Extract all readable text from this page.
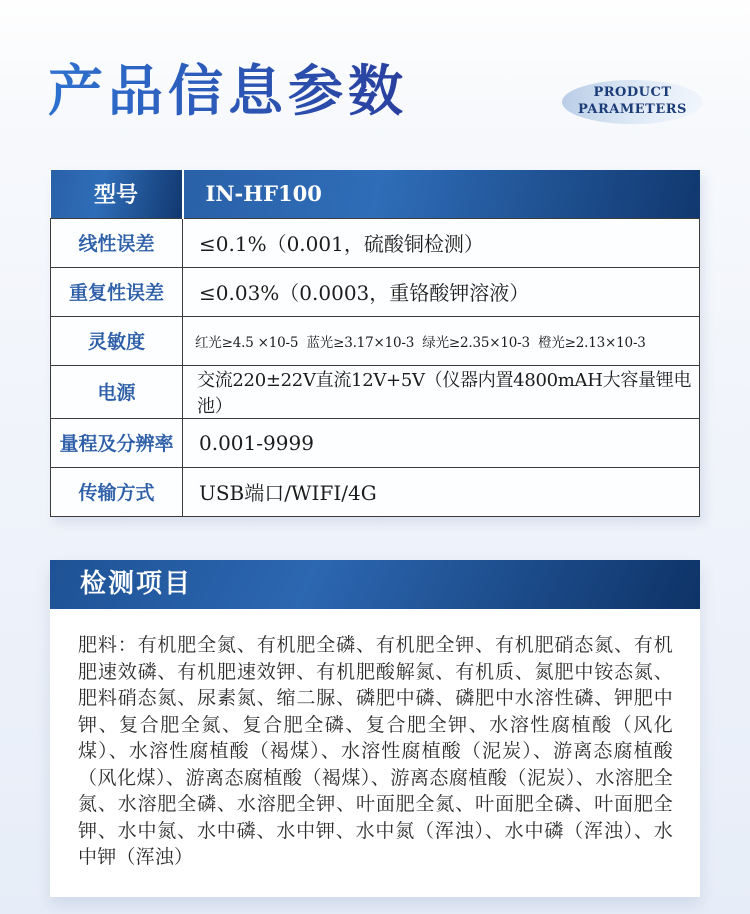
产品信息参数	PRODUCT
PARAMETERS
型号	IN-HF100
线性误差	≤0.1%（0.001，硫酸铜检测）
重复性误差	≤0.03%（0.0003，重铬酸钾溶液）
灵敏度	红光≥4.5 ×10-5  蓝光≥3.17×10-3  绿光≥2.35×10-3  橙光≥2.13×10-3
电源	交流220±22V直流12V+5V（仪器内置4800mAH大容量锂电池）
量程及分辨率	0.001-9999
传输方式	USB端口/WIFI/4G
检测项目

肥料：有机肥全氮、有机肥全磷、有机肥全钾、有机肥硝态氮、有机肥速效磷、有机肥速效钾、有机肥酸解氮、有机质、氮肥中铵态氮、肥料硝态氮、尿素氮、缩二脲、磷肥中磷、磷肥中水溶性磷、钾肥中钾、复合肥全氮、复合肥全磷、复合肥全钾、水溶性腐植酸（风化煤）、水溶性腐植酸（褐煤）、水溶性腐植酸（泥炭）、游离态腐植酸（风化煤）、游离态腐植酸（褐煤）、游离态腐植酸（泥炭）、水溶肥全氮、水溶肥全磷、水溶肥全钾、叶面肥全氮、叶面肥全磷、叶面肥全钾、水中氮、水中磷、水中钾、水中氮（浑浊）、水中磷（浑浊）、水中钾（浑浊）
